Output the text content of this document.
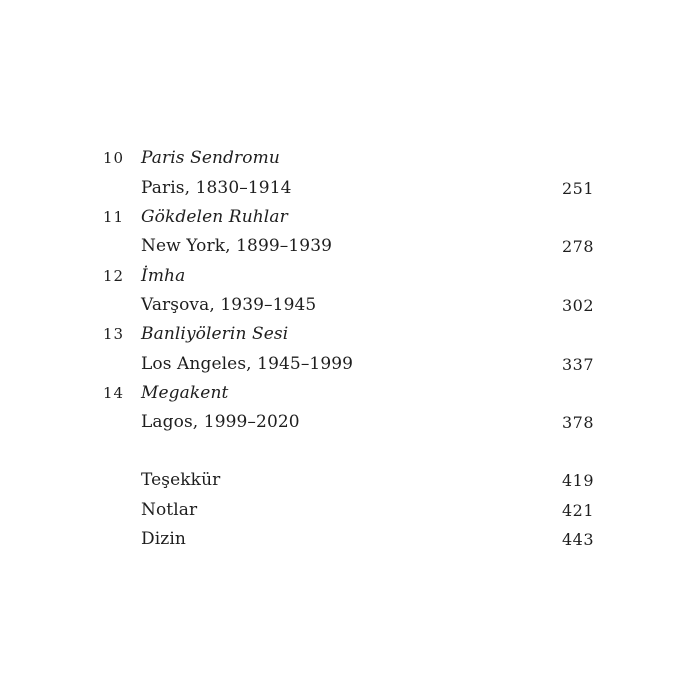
10 Paris Sendromu
Paris, 1830–1914	251
11 Gökdelen Ruhlar
New York, 1899–1939	278
12 İmha
Varşova, 1939–1945	302
13 Banliyölerin Sesi
Los Angeles, 1945–1999	337
14 Megakent
Lagos, 1999–2020	378
Teşekkür	419
Notlar	421
Dizin	443
